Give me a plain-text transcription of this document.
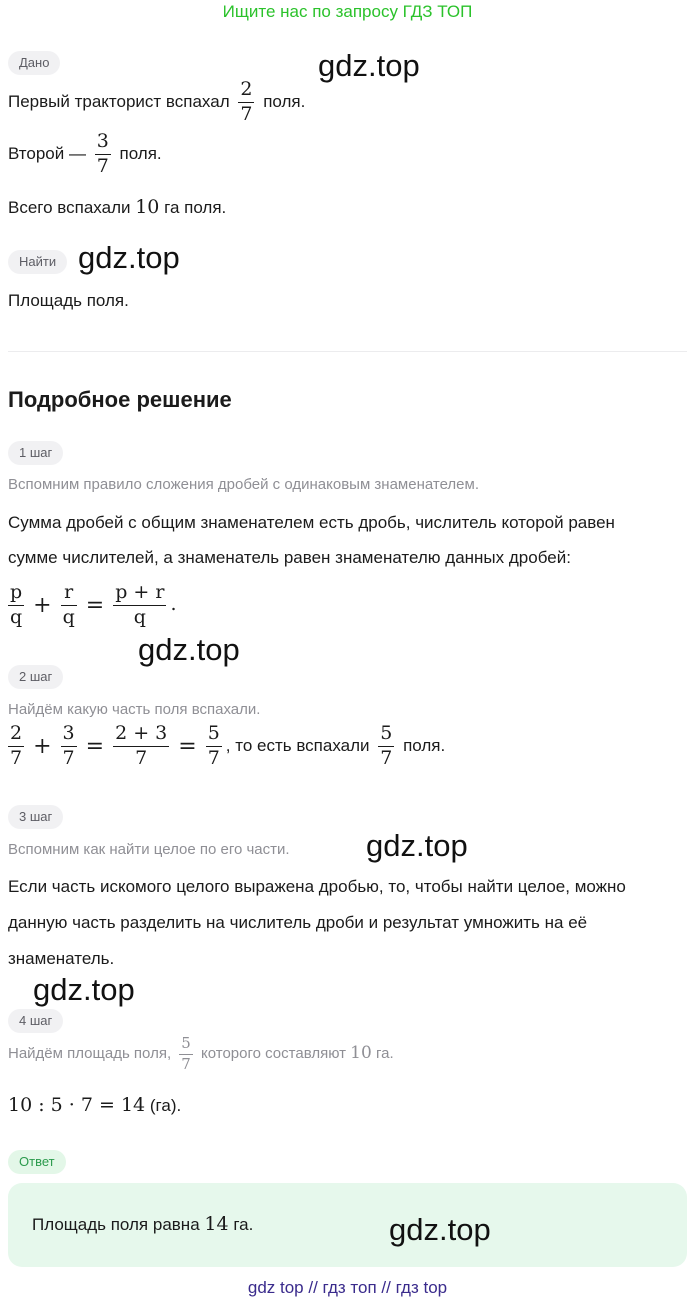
Ищите нас по запросу ГДЗ ТОП
Дано	gdz.top
Первый тракторист вспахал $\frac{2}{7}$ поля.
Второй — $\frac{3}{7}$ поля.
Всего вспахали 10 га поля.
Найти gdz.top
Площадь поля.
Подробное решение
1 шаг
Вспомним правило сложения дробей с одинаковым знаменателем.
Сумма дробей с общим знаменателем есть дробь, числитель которой равен
сумме числителей, а знаменатель равен знаменателю данных дробей:
$\frac{p}{q} + \frac{r}{q} = \frac{p + r}{q}$ .
gdz.top
2 шаг
Найдём какую часть поля вспахали.
$\frac{2}{7} + \frac{3}{7} = \frac{2 + 3}{7} = \frac{5}{7}$ , то есть вспахали $\frac{5}{7}$ поля.
3 шаг
Вспомним как найти целое по его части. gdz.top
Если часть искомого целого выражена дробью, то, чтобы найти целое, можно
данную часть разделить на числитель дроби и результат умножить на её
знаменатель.
gdz.top
4 шаг
Найдём площадь поля, $\frac{5}{7}$ которого составляют 10 га.
10 : 5 · 7 = 14 (га).
Ответ
Площадь поля равна 14 га.	gdz.top
gdz top // гдз топ // гдз top
